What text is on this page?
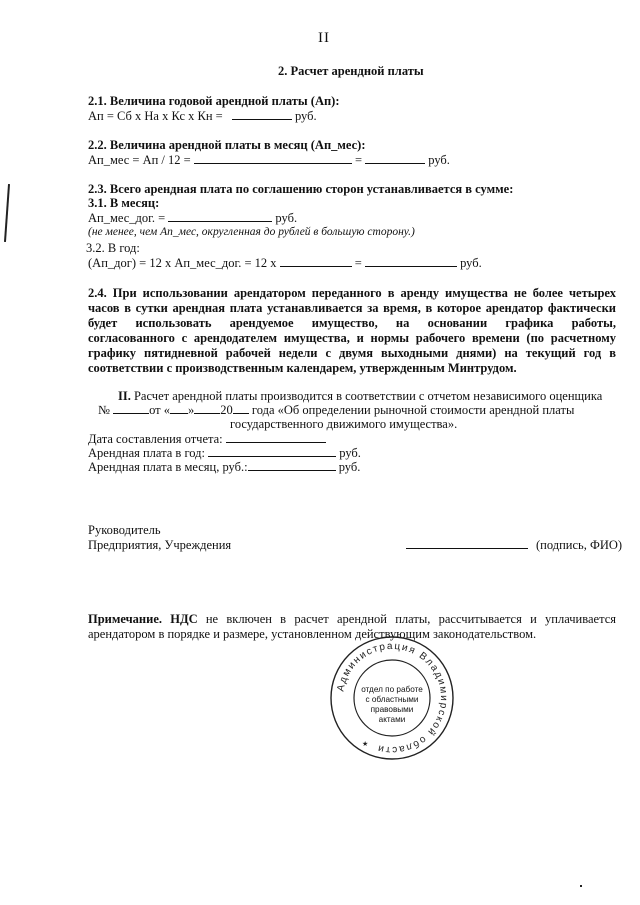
II
2. Расчет арендной платы
2.1. Величина годовой арендной платы (Ап):
Ап = Сб х На х Кс х Кн =	руб.
2.2. Величина арендной платы в месяц (Ап_мес):
Ап_мес = Ап / 12 =	=	руб.
2.3. Всего арендная плата по соглашению сторон устанавливается в сумме:
3.1. В месяц:
Ап_мес_дог. =	руб.
(не менее, чем Ап_мес, округленная до рублей в большую сторону.)
3.2. В год:
(Ап_дог) = 12 х Ап_мес_дог. = 12 х	=	руб.
2.4. При использовании арендатором переданного в аренду имущества не более четырех
часов в сутки арендная плата устанавливается за время, в которое арендатор фактически
будет использовать арендуемое имущество, на основании графика работы,
согласованного с арендодателем имущества, и нормы рабочего времени (по расчетному
графику пятидневной рабочей недели с двумя выходными днями) на текущий год в
соответствии с производственным календарем, утвержденным Минтрудом.
II. Расчет арендной платы производится в соответствии с отчетом независимого оценщика
№	от « » 20 года «Об определении рыночной стоимости арендной платы
государственного движимого имущества».
Дата составления отчета:
Арендная плата в год:	руб.
Арендная плата в месяц, руб.:	руб.
Руководитель
Предприятия, Учреждения	(подпись, ФИО)
Примечание. НДС не включен в расчет арендной платы, рассчитывается и уплачивается
арендатором в порядке и размере, установленном действующим законодательством.
Администрация Владимирской области
отдел по работе
с областными
правовыми
актами
★
